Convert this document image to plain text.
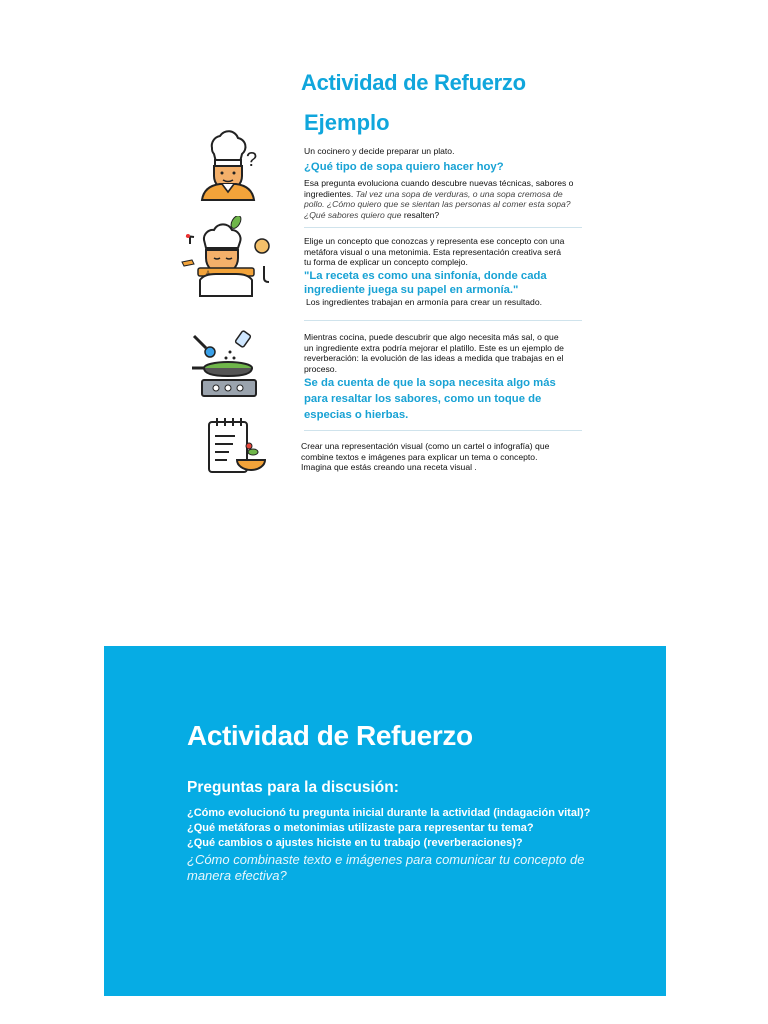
Actividad de Refuerzo
Ejemplo
?
A
Un cocinero y decide preparar un plato.
¿Qué tipo de sopa quiero hacer hoy?
Esa pregunta evoluciona cuando descubre nuevas técnicas, sabores o ingredientes. Tal vez una sopa de verduras, o una sopa cremosa de pollo. ¿Cómo quiero que se sientan las personas al comer esta sopa? ¿Qué sabores quiero que resalten?
Elige un concepto que conozcas y representa ese concepto con una metáfora visual o una metonimia. Esta representación creativa será tu forma de explicar un concepto complejo.
"La receta es como una sinfonía, donde cada ingrediente juega su papel en armonía."
Los ingredientes trabajan en armonía para crear un resultado.
Mientras cocina, puede descubrir que algo necesita más sal, o que un ingrediente extra podría mejorar el platillo. Este es un ejemplo de reverberación: la evolución de las ideas a medida que trabajas en el proceso.
Se da cuenta de que la sopa necesita algo más para resaltar los sabores, como un toque de especias o hierbas.
Crear una representación visual (como un cartel o infografía) que combine textos e imágenes para explicar un tema o concepto. Imagina que estás creando una receta visual .
Actividad de Refuerzo
Preguntas para la discusión:
¿Cómo evolucionó tu pregunta inicial durante la actividad (indagación vital)?
¿Qué metáforas o metonimias utilizaste para representar tu tema?
¿Qué cambios o ajustes hiciste en tu trabajo (reverberaciones)?
¿Cómo combinaste texto e imágenes para comunicar tu concepto de manera efectiva?
